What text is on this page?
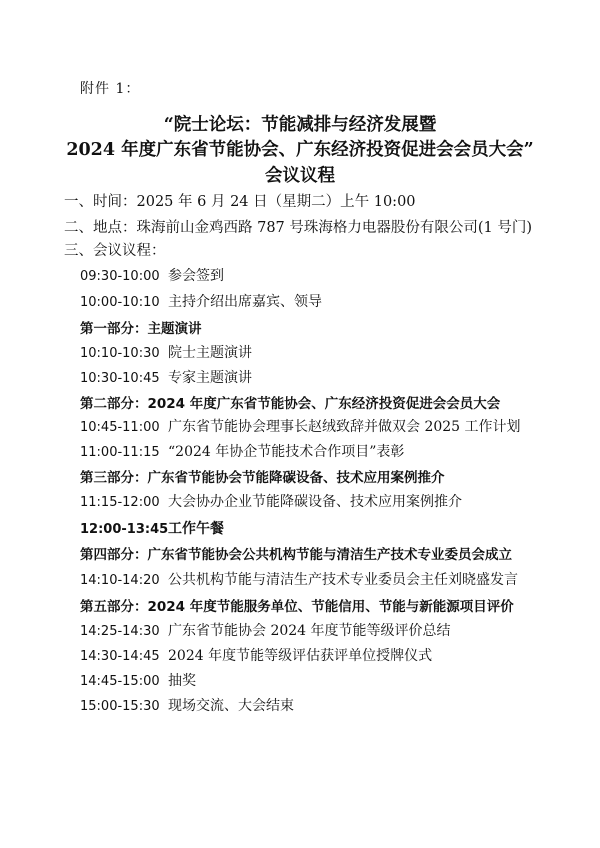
附件 1：
“院士论坛：节能减排与经济发展暨
2024 年度广东省节能协会、广东经济投资促进会会员大会”
会议议程
一、时间：2025 年 6 月 24 日（星期二）上午 10:00
二、地点：珠海前山金鸡西路 787 号珠海格力电器股份有限公司(1 号门)
三、会议议程：
09:30-10:00 参会签到
10:00-10:10 主持介绍出席嘉宾、领导
第一部分：主题演讲
10:10-10:30 院士主题演讲
10:30-10:45 专家主题演讲
第二部分：2024 年度广东省节能协会、广东经济投资促进会会员大会
10:45-11:00 广东省节能协会理事长赵绒致辞并做双会 2025 工作计划
11:00-11:15“2024 年协企节能技术合作项目”表彰
第三部分：广东省节能协会节能降碳设备、技术应用案例推介
11:15-12:00 大会协办企业节能降碳设备、技术应用案例推介
12:00-13:45工作午餐
第四部分：广东省节能协会公共机构节能与清洁生产技术专业委员会成立
14:10-14:20 公共机构节能与清洁生产技术专业委员会主任刘晓盛发言
第五部分：2024 年度节能服务单位、节能信用、节能与新能源项目评价
14:25-14:30 广东省节能协会 2024 年度节能等级评价总结
14:30-14:45 2024 年度节能等级评估获评单位授牌仪式
14:45-15:00 抽奖
15:00-15:30 现场交流、大会结束
